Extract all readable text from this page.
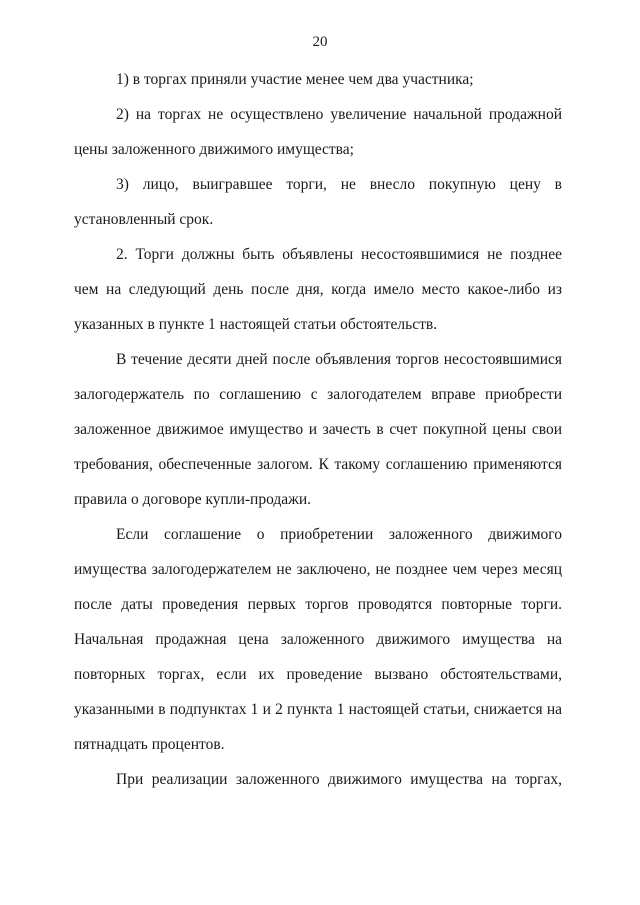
20

1) в торгах приняли участие менее чем два участника;

2) на торгах не осуществлено увеличение начальной продажной цены заложенного движимого имущества;

3) лицо, выигравшее торги, не внесло покупную цену в установленный срок.

2. Торги должны быть объявлены несостоявшимися не позднее чем на следующий день после дня, когда имело место какое-либо из указанных в пункте 1 настоящей статьи обстоятельств.

В течение десяти дней после объявления торгов несостоявшимися залогодержатель по соглашению с залогодателем вправе приобрести заложенное движимое имущество и зачесть в счет покупной цены свои требования, обеспеченные залогом. К такому соглашению применяются правила о договоре купли-продажи.

Если соглашение о приобретении заложенного движимого имущества залогодержателем не заключено, не позднее чем через месяц после даты проведения первых торгов проводятся повторные торги. Начальная продажная цена заложенного движимого имущества на повторных торгах, если их проведение вызвано обстоятельствами, указанными в подпунктах 1 и 2 пункта 1 настоящей статьи, снижается на пятнадцать процентов.

При реализации заложенного движимого имущества на торгах,
